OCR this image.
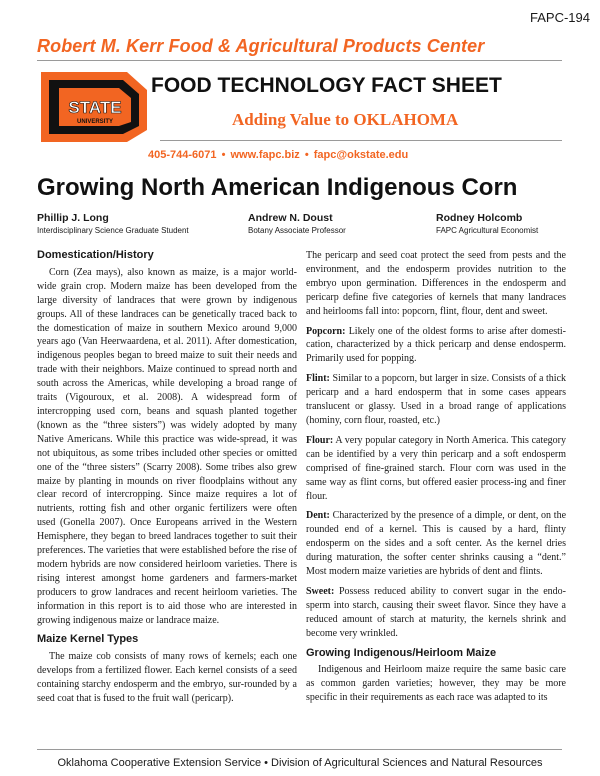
FAPC-194
Robert M. Kerr Food & Agricultural Products Center
STATE
UNIVERSITY
FOOD TECHNOLOGY FACT SHEET
Adding Value to OKLAHOMA
405-744-6071 • www.fapc.biz • fapc@okstate.edu
Growing North American Indigenous Corn
Phillip J. Long
Interdisciplinary Science Graduate Student
Andrew N. Doust
Botany Associate Professor
Rodney Holcomb
FAPC Agricultural Economist
Domestication/History

Corn (Zea mays), also known as maize, is a major world-wide grain crop. Modern maize has been developed from the large diversity of landraces that were grown by indigenous groups. All of these landraces can be genetically traced back to the domestication of maize in southern Mexico around 9,000 years ago (Van Heerwaardena, et al. 2011). After domestication, indigenous peoples began to breed maize to suit their needs and trade with their neighbors. Maize continued to spread north and south across the Americas, while developing a broad range of traits (Vigouroux, et al. 2008). A widespread form of intercropping used corn, beans and squash planted together (known as the “three sisters”) was widely adopted by many Native Americans. While this practice was wide-spread, it was not ubiquitous, as some tribes included other species or omitted one of the “three sisters” (Scarry 2008). Some tribes also grew maize by planting in mounds on river floodplains without any clear record of intercropping. Since maize requires a lot of nutrients, rotting fish and other organic fertilizers were often used (Gonella 2007). Once Europeans arrived in the Western Hemisphere, they began to breed landraces together to suit their preferences. The varieties that were established before the rise of modern hybrids are now considered heirloom varieties. There is rising interest amongst home gardeners and farmers-market producers to grow landraces and recent heirloom varieties. The information in this report is to aid those who are interested in growing indigenous maize or landrace maize.

Maize Kernel Types

The maize cob consists of many rows of kernels; each one develops from a fertilized flower. Each kernel consists of a seed containing starchy endosperm and the embryo, sur-rounded by a seed coat that is fused to the fruit wall (pericarp).

The pericarp and seed coat protect the seed from pests and the environment, and the endosperm provides nutrition to the embryo upon germination. Differences in the endosperm and pericarp define five categories of kernels that many landraces and heirlooms fall into: popcorn, flint, flour, dent and sweet.

Popcorn: Likely one of the oldest forms to arise after domesti-cation, characterized by a thick pericarp and dense endosperm. Primarily used for popping.

Flint: Similar to a popcorn, but larger in size. Consists of a thick pericarp and a hard endosperm that in some cases appears translucent or glassy. Used in a broad range of applications (hominy, corn flour, roasted, etc.)

Flour: A very popular category in North America. This category can be identified by a very thin pericarp and a soft endosperm comprised of fine-grained starch. Flour corn was used in the same way as flint corns, but offered easier process-ing and finer flour.

Dent: Characterized by the presence of a dimple, or dent, on the rounded end of a kernel. This is caused by a hard, flinty endosperm on the sides and a soft center. As the kernel dries during maturation, the softer center shrinks causing a “dent.” Most modern maize varieties are hybrids of dent and flints.

Sweet: Possess reduced ability to convert sugar in the endo-sperm into starch, causing their sweet flavor. Since they have a reduced amount of starch at maturity, the kernels shrink and become very wrinkled.

Growing Indigenous/Heirloom Maize

Indigenous and Heirloom maize require the same basic care as common garden varieties; however, they may be more specific in their requirements as each race was adapted to its

Oklahoma Cooperative Extension Service • Division of Agricultural Sciences and Natural Resources
